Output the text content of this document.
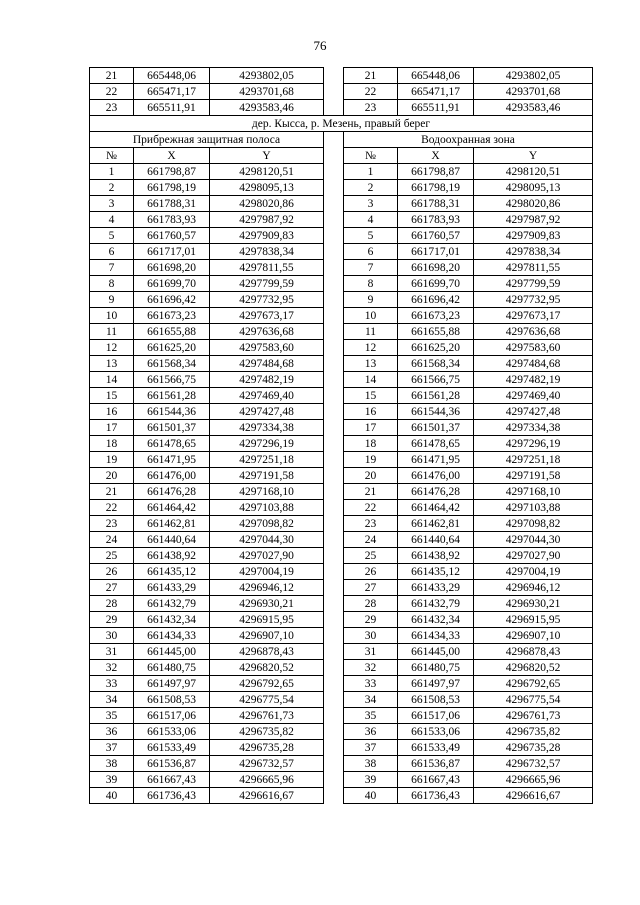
76
21	665448,06	4293802,05		21	665448,06	4293802,05
22	665471,17	4293701,68		22	665471,17	4293701,68
23	665511,91	4293583,46		23	665511,91	4293583,46
дер. Кысса, р. Мезень, правый берег						
Прибрежная защитная полоса				Водоохранная зона		
№	X	Y		№	X	Y
1	661798,87	4298120,51		1	661798,87	4298120,51
2	661798,19	4298095,13		2	661798,19	4298095,13
3	661788,31	4298020,86		3	661788,31	4298020,86
4	661783,93	4297987,92		4	661783,93	4297987,92
5	661760,57	4297909,83		5	661760,57	4297909,83
6	661717,01	4297838,34		6	661717,01	4297838,34
7	661698,20	4297811,55		7	661698,20	4297811,55
8	661699,70	4297799,59		8	661699,70	4297799,59
9	661696,42	4297732,95		9	661696,42	4297732,95
10	661673,23	4297673,17		10	661673,23	4297673,17
11	661655,88	4297636,68		11	661655,88	4297636,68
12	661625,20	4297583,60		12	661625,20	4297583,60
13	661568,34	4297484,68		13	661568,34	4297484,68
14	661566,75	4297482,19		14	661566,75	4297482,19
15	661561,28	4297469,40		15	661561,28	4297469,40
16	661544,36	4297427,48		16	661544,36	4297427,48
17	661501,37	4297334,38		17	661501,37	4297334,38
18	661478,65	4297296,19		18	661478,65	4297296,19
19	661471,95	4297251,18		19	661471,95	4297251,18
20	661476,00	4297191,58		20	661476,00	4297191,58
21	661476,28	4297168,10		21	661476,28	4297168,10
22	661464,42	4297103,88		22	661464,42	4297103,88
23	661462,81	4297098,82		23	661462,81	4297098,82
24	661440,64	4297044,30		24	661440,64	4297044,30
25	661438,92	4297027,90		25	661438,92	4297027,90
26	661435,12	4297004,19		26	661435,12	4297004,19
27	661433,29	4296946,12		27	661433,29	4296946,12
28	661432,79	4296930,21		28	661432,79	4296930,21
29	661432,34	4296915,95		29	661432,34	4296915,95
30	661434,33	4296907,10		30	661434,33	4296907,10
31	661445,00	4296878,43		31	661445,00	4296878,43
32	661480,75	4296820,52		32	661480,75	4296820,52
33	661497,97	4296792,65		33	661497,97	4296792,65
34	661508,53	4296775,54		34	661508,53	4296775,54
35	661517,06	4296761,73		35	661517,06	4296761,73
36	661533,06	4296735,82		36	661533,06	4296735,82
37	661533,49	4296735,28		37	661533,49	4296735,28
38	661536,87	4296732,57		38	661536,87	4296732,57
39	661667,43	4296665,96		39	661667,43	4296665,96
40	661736,43	4296616,67		40	661736,43	4296616,67
